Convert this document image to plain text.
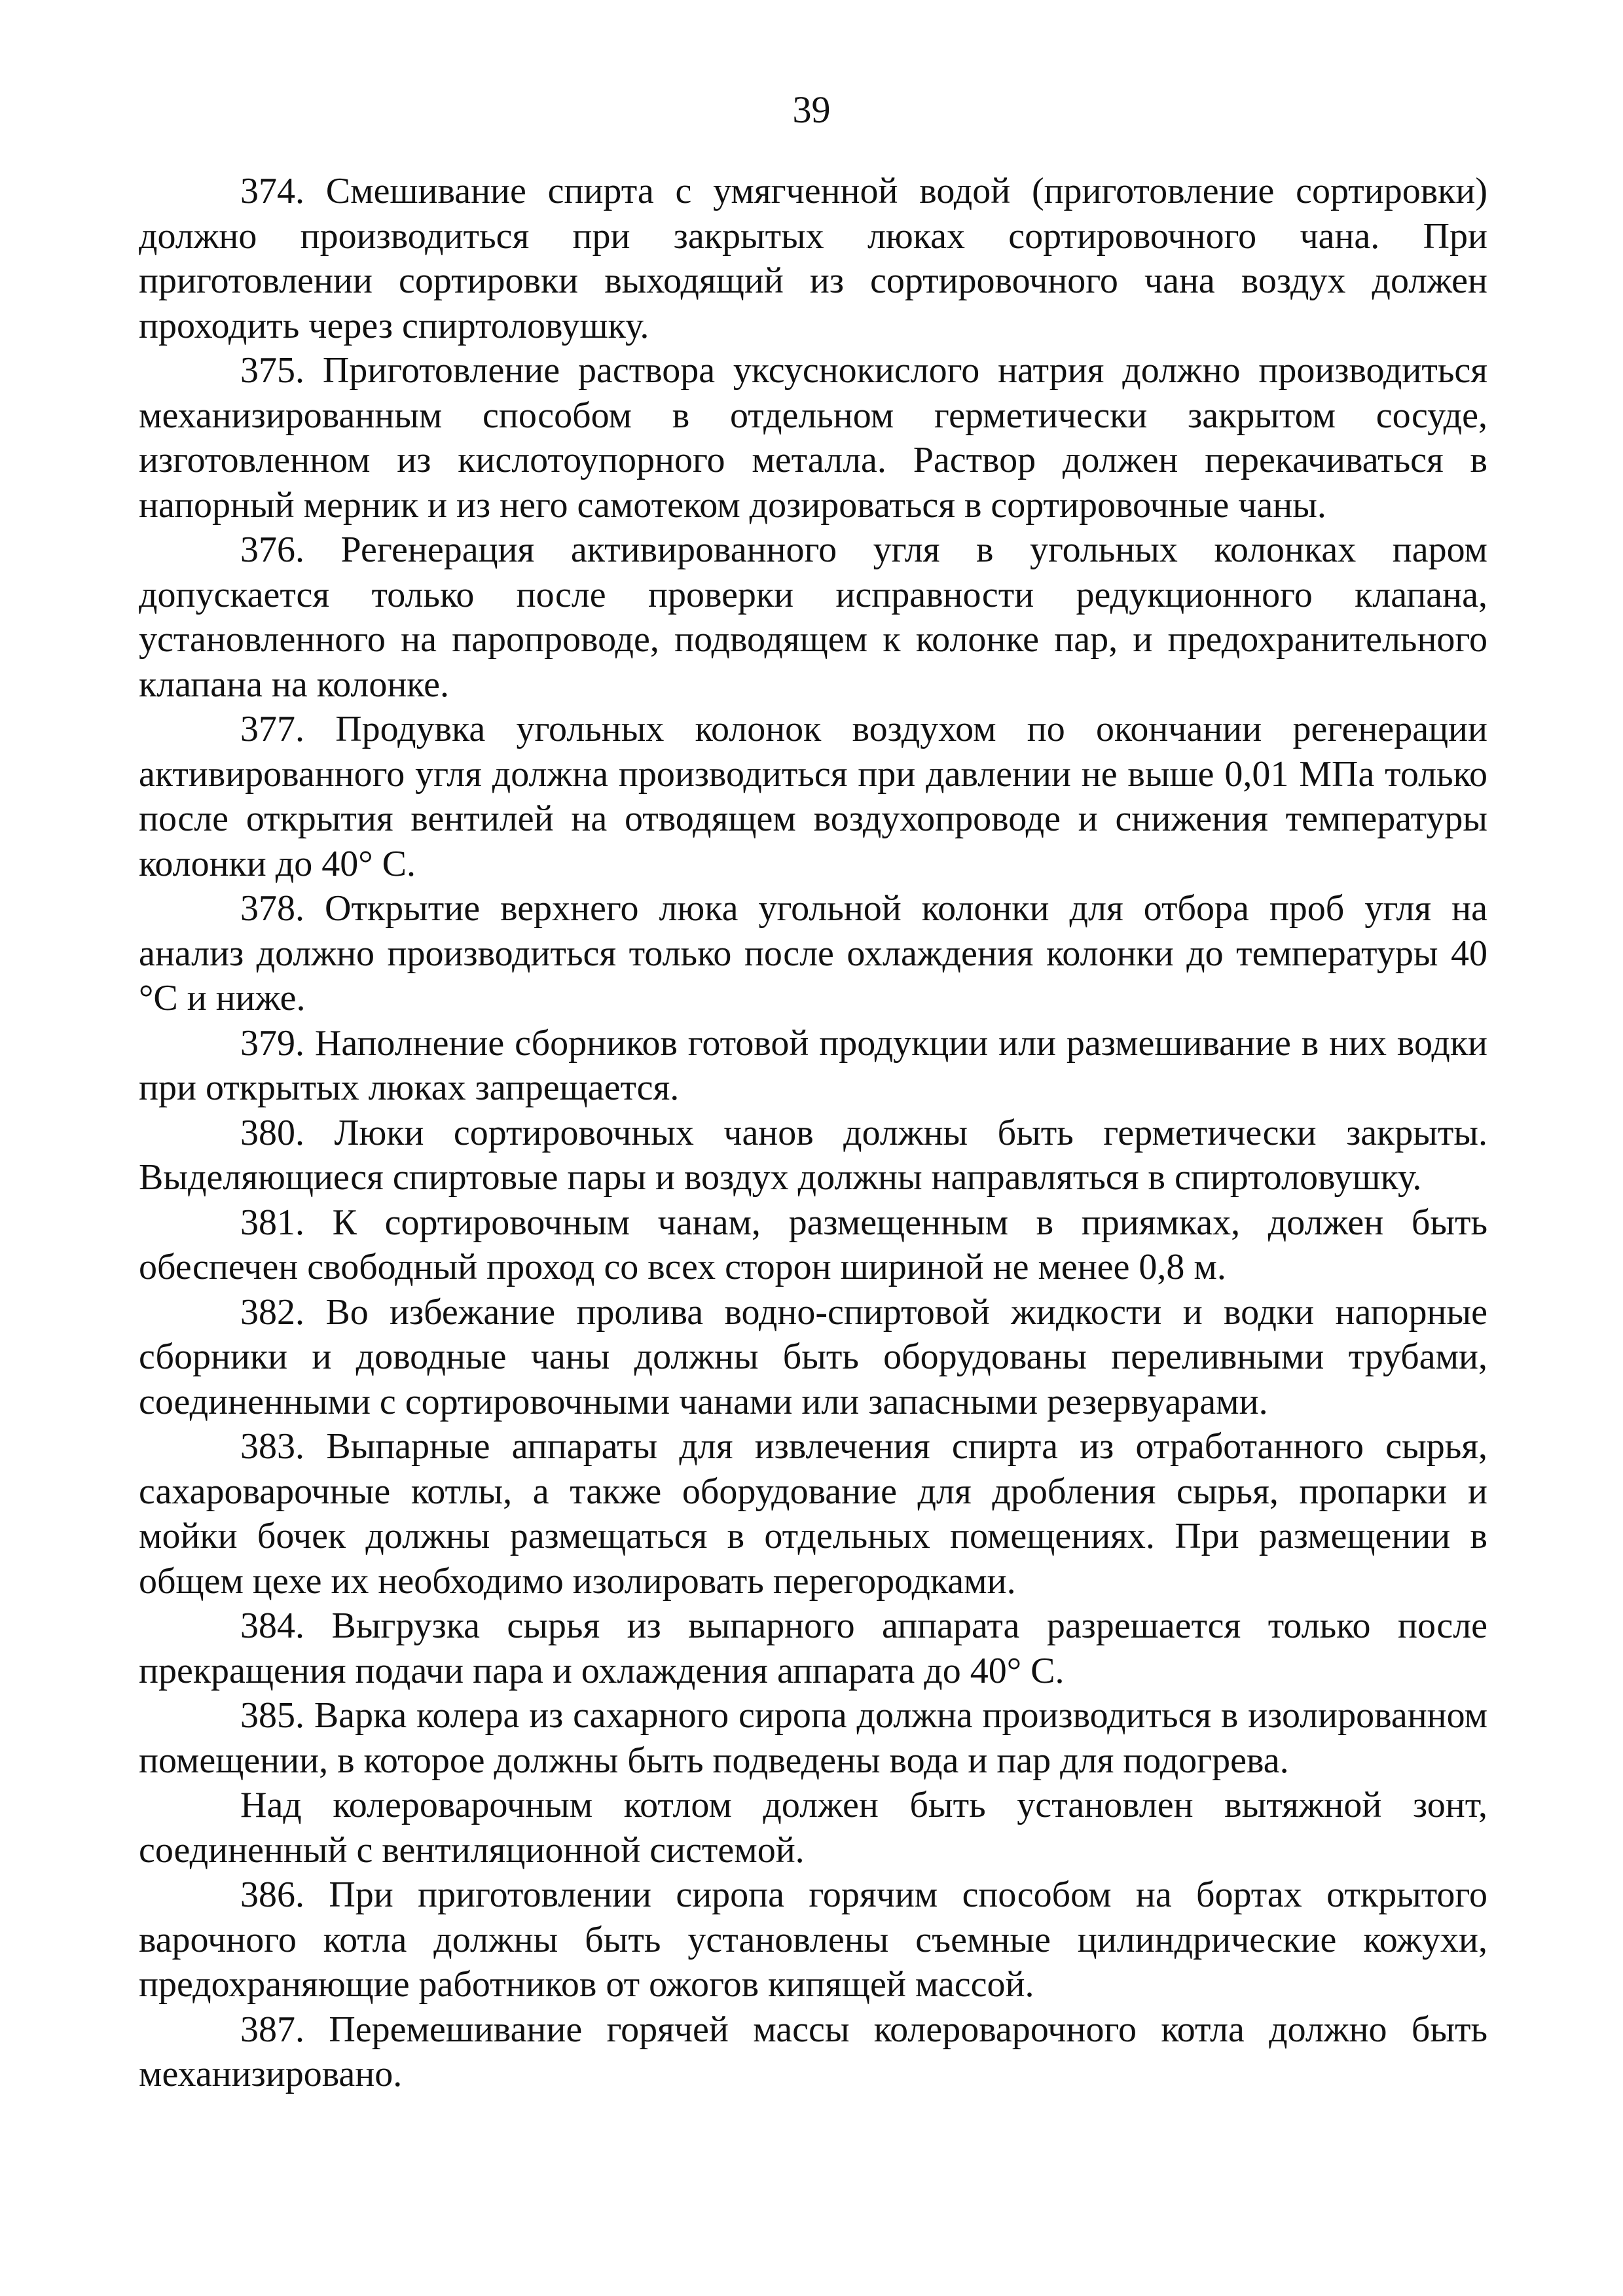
39

374. Смешивание спирта с умягченной водой (приготовление сортировки) должно производиться при закрытых люках сортировочного чана. При приготовлении сортировки выходящий из сортировочного чана воздух должен проходить через спиртоловушку.

375. Приготовление раствора уксуснокислого натрия должно производиться механизированным способом в отдельном герметически закрытом сосуде, изготовленном из кислотоупорного металла. Раствор должен перекачиваться в напорный мерник и из него самотеком дозироваться в сортировочные чаны.

376. Регенерация активированного угля в угольных колонках паром допускается только после проверки исправности редукционного клапана, установленного на паропроводе, подводящем к колонке пар, и предохранительного клапана на колонке.

377. Продувка угольных колонок воздухом по окончании регенерации активированного угля должна производиться при давлении не выше 0,01 МПа только после открытия вентилей на отводящем воздухопроводе и снижения температуры колонки до 40° С.

378. Открытие верхнего люка угольной колонки для отбора проб угля на анализ должно производиться только после охлаждения колонки до температуры 40 °C и ниже.

379. Наполнение сборников готовой продукции или размешивание в них водки при открытых люках запрещается.

380. Люки сортировочных чанов должны быть герметически закрыты. Выделяющиеся спиртовые пары и воздух должны направляться в спиртоловушку.

381. К сортировочным чанам, размещенным в приямках, должен быть обеспечен свободный проход со всех сторон шириной не менее 0,8 м.

382. Во избежание пролива водно-спиртовой жидкости и водки напорные сборники и доводные чаны должны быть оборудованы переливными трубами, соединенными с сортировочными чанами или запасными резервуарами.

383. Выпарные аппараты для извлечения спирта из отработанного сырья, сахароварочные котлы, а также оборудование для дробления сырья, пропарки и мойки бочек должны размещаться в отдельных помещениях. При размещении в общем цехе их необходимо изолировать перегородками.

384. Выгрузка сырья из выпарного аппарата разрешается только после прекращения подачи пара и охлаждения аппарата до 40° С.

385. Варка колера из сахарного сиропа должна производиться в изолированном помещении, в которое должны быть подведены вода и пар для подогрева.

Над колероварочным котлом должен быть установлен вытяжной зонт, соединенный с вентиляционной системой.

386. При приготовлении сиропа горячим способом на бортах открытого варочного котла должны быть установлены съемные цилиндрические кожухи, предохраняющие работников от ожогов кипящей массой.

387. Перемешивание горячей массы колероварочного котла должно быть механизировано.
